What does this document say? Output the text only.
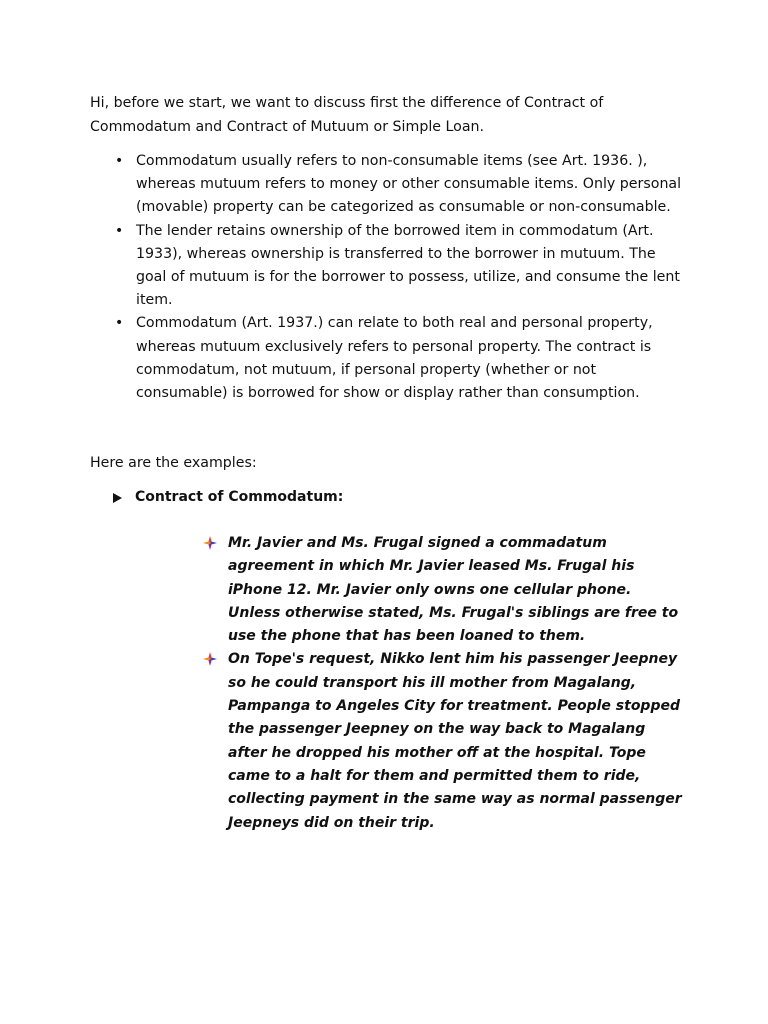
Hi, before we start, we want to discuss first the difference of Contract of Commodatum and Contract of Mutuum or Simple Loan.

• Commodatum usually refers to non-consumable items (see Art. 1936. ), whereas mutuum refers to money or other consumable items. Only personal (movable) property can be categorized as consumable or non-consumable.
• The lender retains ownership of the borrowed item in commodatum (Art. 1933), whereas ownership is transferred to the borrower in mutuum. The goal of mutuum is for the borrower to possess, utilize, and consume the lent item.
• Commodatum (Art. 1937.) can relate to both real and personal property, whereas mutuum exclusively refers to personal property. The contract is commodatum, not mutuum, if personal property (whether or not consumable) is borrowed for show or display rather than consumption.

Here are the examples:

Contract of Commodatum:

Mr. Javier and Ms. Frugal signed a commadatum agreement in which Mr. Javier leased Ms. Frugal his iPhone 12. Mr. Javier only owns one cellular phone. Unless otherwise stated, Ms. Frugal's siblings are free to use the phone that has been loaned to them.
On Tope's request, Nikko lent him his passenger Jeepney so he could transport his ill mother from Magalang, Pampanga to Angeles City for treatment. People stopped the passenger Jeepney on the way back to Magalang after he dropped his mother off at the hospital. Tope came to a halt for them and permitted them to ride, collecting payment in the same way as normal passenger Jeepneys did on their trip.
